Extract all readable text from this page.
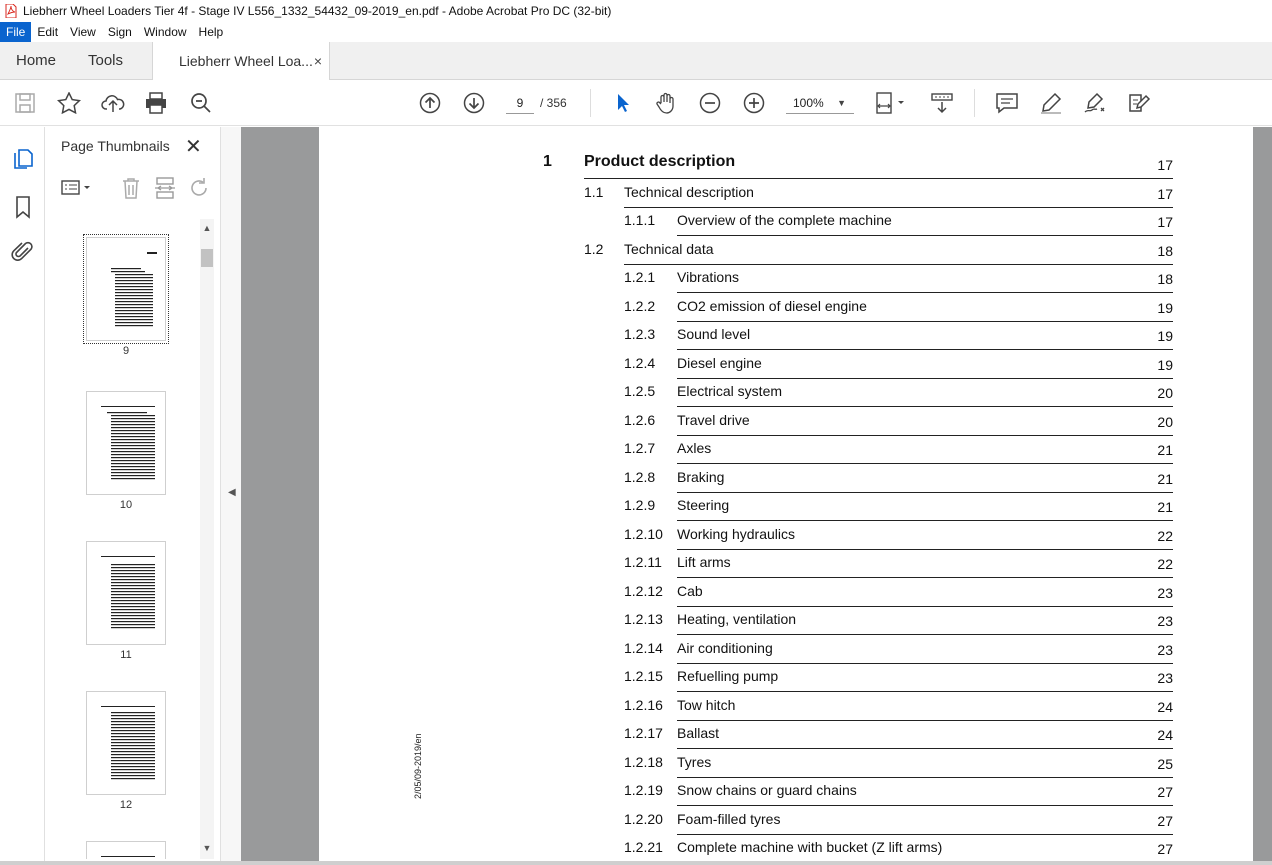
Liebherr Wheel Loaders Tier 4f - Stage IV L556_1332_54432_09-2019_en.pdf - Adobe Acrobat Pro DC (32-bit)
File	Edit	View	Sign	Window	Help
Home Tools	Liebherr Wheel Loa... ×
9	/ 356	100% ▼
Page Thumbnails ✕
9
10
11
12
▲
▼
◀
2/05/09-2019/en
1 Product description	17
1.1 Technical description	17
1.1.1 Overview of the complete machine	17
1.2 Technical data	18
1.2.1 Vibrations	18
1.2.2 CO2 emission of diesel engine	19
1.2.3 Sound level	19
1.2.4 Diesel engine	19
1.2.5 Electrical system	20
1.2.6 Travel drive	20
1.2.7 Axles	21
1.2.8 Braking	21
1.2.9 Steering	21
1.2.10 Working hydraulics	22
1.2.11 Lift arms	22
1.2.12 Cab	23
1.2.13 Heating, ventilation	23
1.2.14 Air conditioning	23
1.2.15 Refuelling pump	23
1.2.16 Tow hitch	24
1.2.17 Ballast	24
1.2.18 Tyres	25
1.2.19 Snow chains or guard chains	27
1.2.20 Foam-filled tyres	27
1.2.21 Complete machine with bucket (Z lift arms)	27
